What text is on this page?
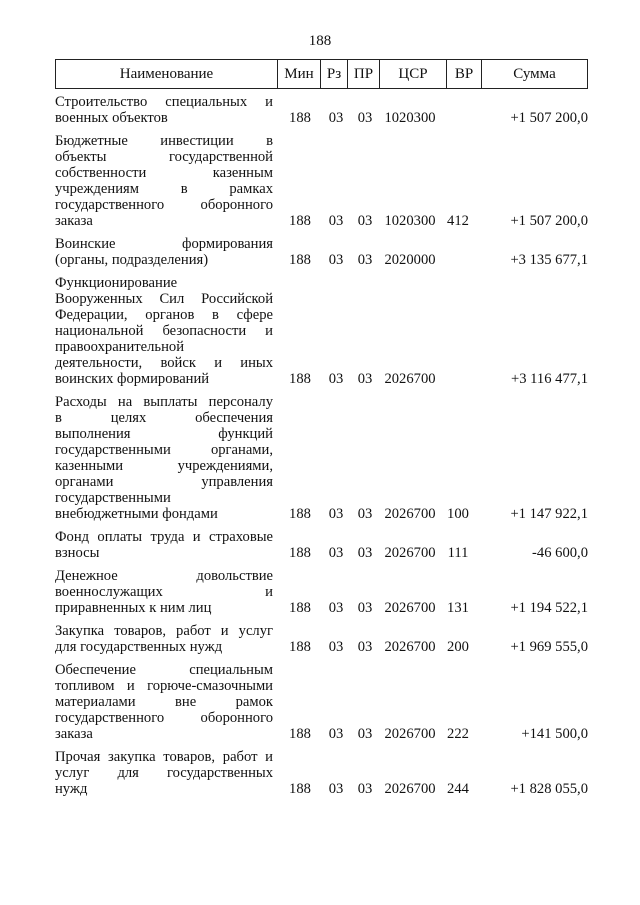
188
Наименование	Мин Рз ПР	ЦСР	ВР	Сумма
Строительство специальных и
военных объектов	188	03 03 1020300	+1 507 200,0
Бюджетные инвестиции в
объекты государственной
собственности казенным
учреждениям в рамках
государственного оборонного
заказа	188	03 03 1020300 412	+1 507 200,0
Воинские формирования
(органы, подразделения)	188	03 03 2020000	+3 135 677,1
Функционирование
Вооруженных Сил Российской
Федерации, органов в сфере
национальной безопасности и
правоохранительной
деятельности, войск и иных
воинских формирований	188	03 03 2026700	+3 116 477,1
Расходы на выплаты персоналу
в целях обеспечения
выполнения функций
государственными органами,
казенными учреждениями,
органами управления
государственными
внебюджетными фондами	188	03 03 2026700 100	+1 147 922,1
Фонд оплаты труда и страховые
взносы	188	03 03 2026700 111	-46 600,0
Денежное довольствие
военнослужащих и
приравненных к ним лиц	188	03 03 2026700 131	+1 194 522,1
Закупка товаров, работ и услуг
для государственных нужд	188	03 03 2026700 200	+1 969 555,0
Обеспечение специальным
топливом и горюче-смазочными
материалами вне рамок
государственного оборонного
заказа	188	03 03 2026700 222	+141 500,0
Прочая закупка товаров, работ и
услуг для государственных
нужд	188	03 03 2026700 244	+1 828 055,0
